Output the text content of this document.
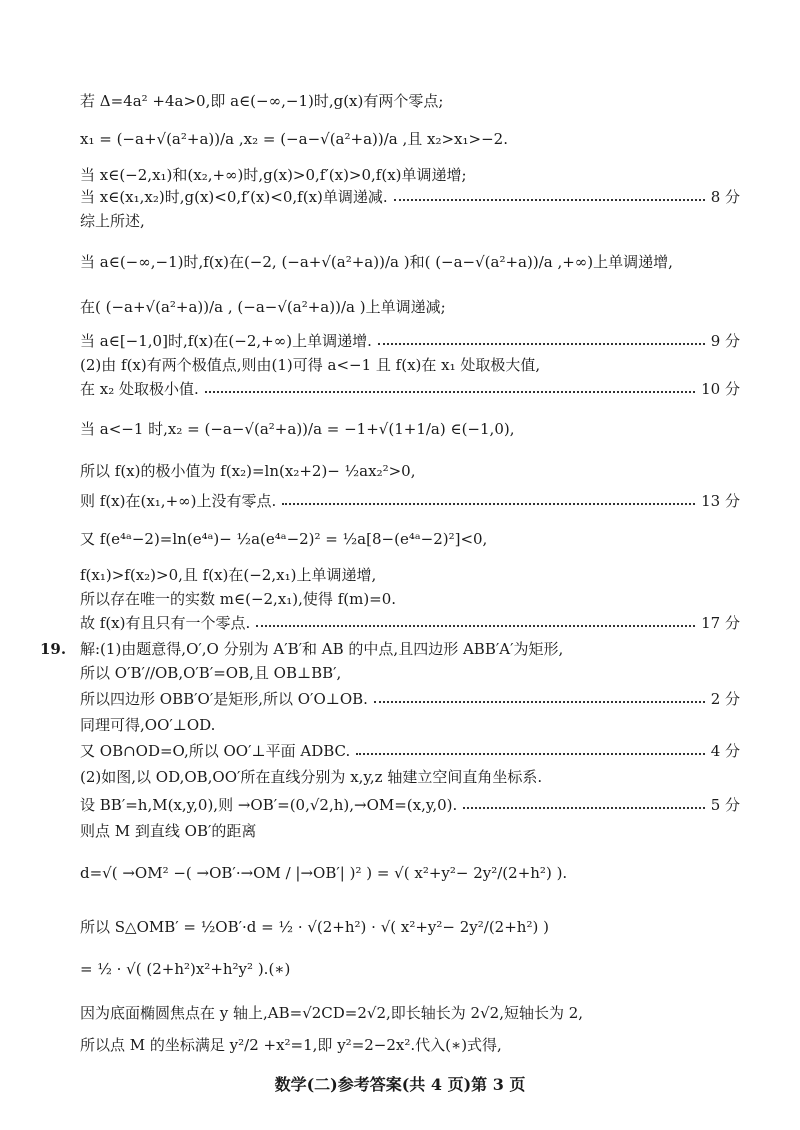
若 Δ=4a² +4a>0,即 a∈(−∞,−1)时,g(x)有两个零点;
x₁ = (−a+√(a²+a))/a ,x₂ = (−a−√(a²+a))/a ,且 x₂>x₁>−2.
当 x∈(−2,x₁)和(x₂,+∞)时,g(x)>0,f′(x)>0,f(x)单调递增;
当 x∈(x₁,x₂)时,g(x)<0,f′(x)<0,f(x)单调递减.	8 分
综上所述,
当 a∈(−∞,−1)时,f(x)在(−2, (−a+√(a²+a))/a )和( (−a−√(a²+a))/a ,+∞)上单调递增,
在( (−a+√(a²+a))/a , (−a−√(a²+a))/a )上单调递减;
当 a∈[−1,0]时,f(x)在(−2,+∞)上单调递增.	9 分
(2)由 f(x)有两个极值点,则由(1)可得 a<−1 且 f(x)在 x₁ 处取极大值,
在 x₂ 处取极小值.	10 分
当 a<−1 时,x₂ = (−a−√(a²+a))/a = −1+√(1+1/a) ∈(−1,0),
所以 f(x)的极小值为 f(x₂)=ln(x₂+2)− ½ax₂²>0,
则 f(x)在(x₁,+∞)上没有零点.	13 分
又 f(e⁴ᵃ−2)=ln(e⁴ᵃ)− ½a(e⁴ᵃ−2)² = ½a[8−(e⁴ᵃ−2)²]<0,
f(x₁)>f(x₂)>0,且 f(x)在(−2,x₁)上单调递增,
所以存在唯一的实数 m∈(−2,x₁),使得 f(m)=0.
故 f(x)有且只有一个零点.	17 分
19. 解:(1)由题意得,O′,O 分别为 A′B′和 AB 的中点,且四边形 ABB′A′为矩形,
所以 O′B′//OB,O′B′=OB,且 OB⊥BB′,
所以四边形 OBB′O′是矩形,所以 O′O⊥OB.	2 分
同理可得,OO′⊥OD.
又 OB∩OD=O,所以 OO′⊥平面 ADBC.	4 分
(2)如图,以 OD,OB,OO′所在直线分别为 x,y,z 轴建立空间直角坐标系.
设 BB′=h,M(x,y,0),则 →OB′=(0,√2,h),→OM=(x,y,0).	5 分
则点 M 到直线 OB′的距离
d=√( →OM² −( →OB′·→OM / |→OB′| )² ) = √( x²+y²− 2y²/(2+h²) ).
所以 S△OMB′ = ½OB′·d = ½ · √(2+h²) · √( x²+y²− 2y²/(2+h²) )
= ½ · √( (2+h²)x²+h²y² ).(∗)
因为底面椭圆焦点在 y 轴上,AB=√2CD=2√2,即长轴长为 2√2,短轴长为 2,
所以点 M 的坐标满足 y²/2 +x²=1,即 y²=2−2x².代入(∗)式得,
数学(二)参考答案(共 4 页)第 3 页
